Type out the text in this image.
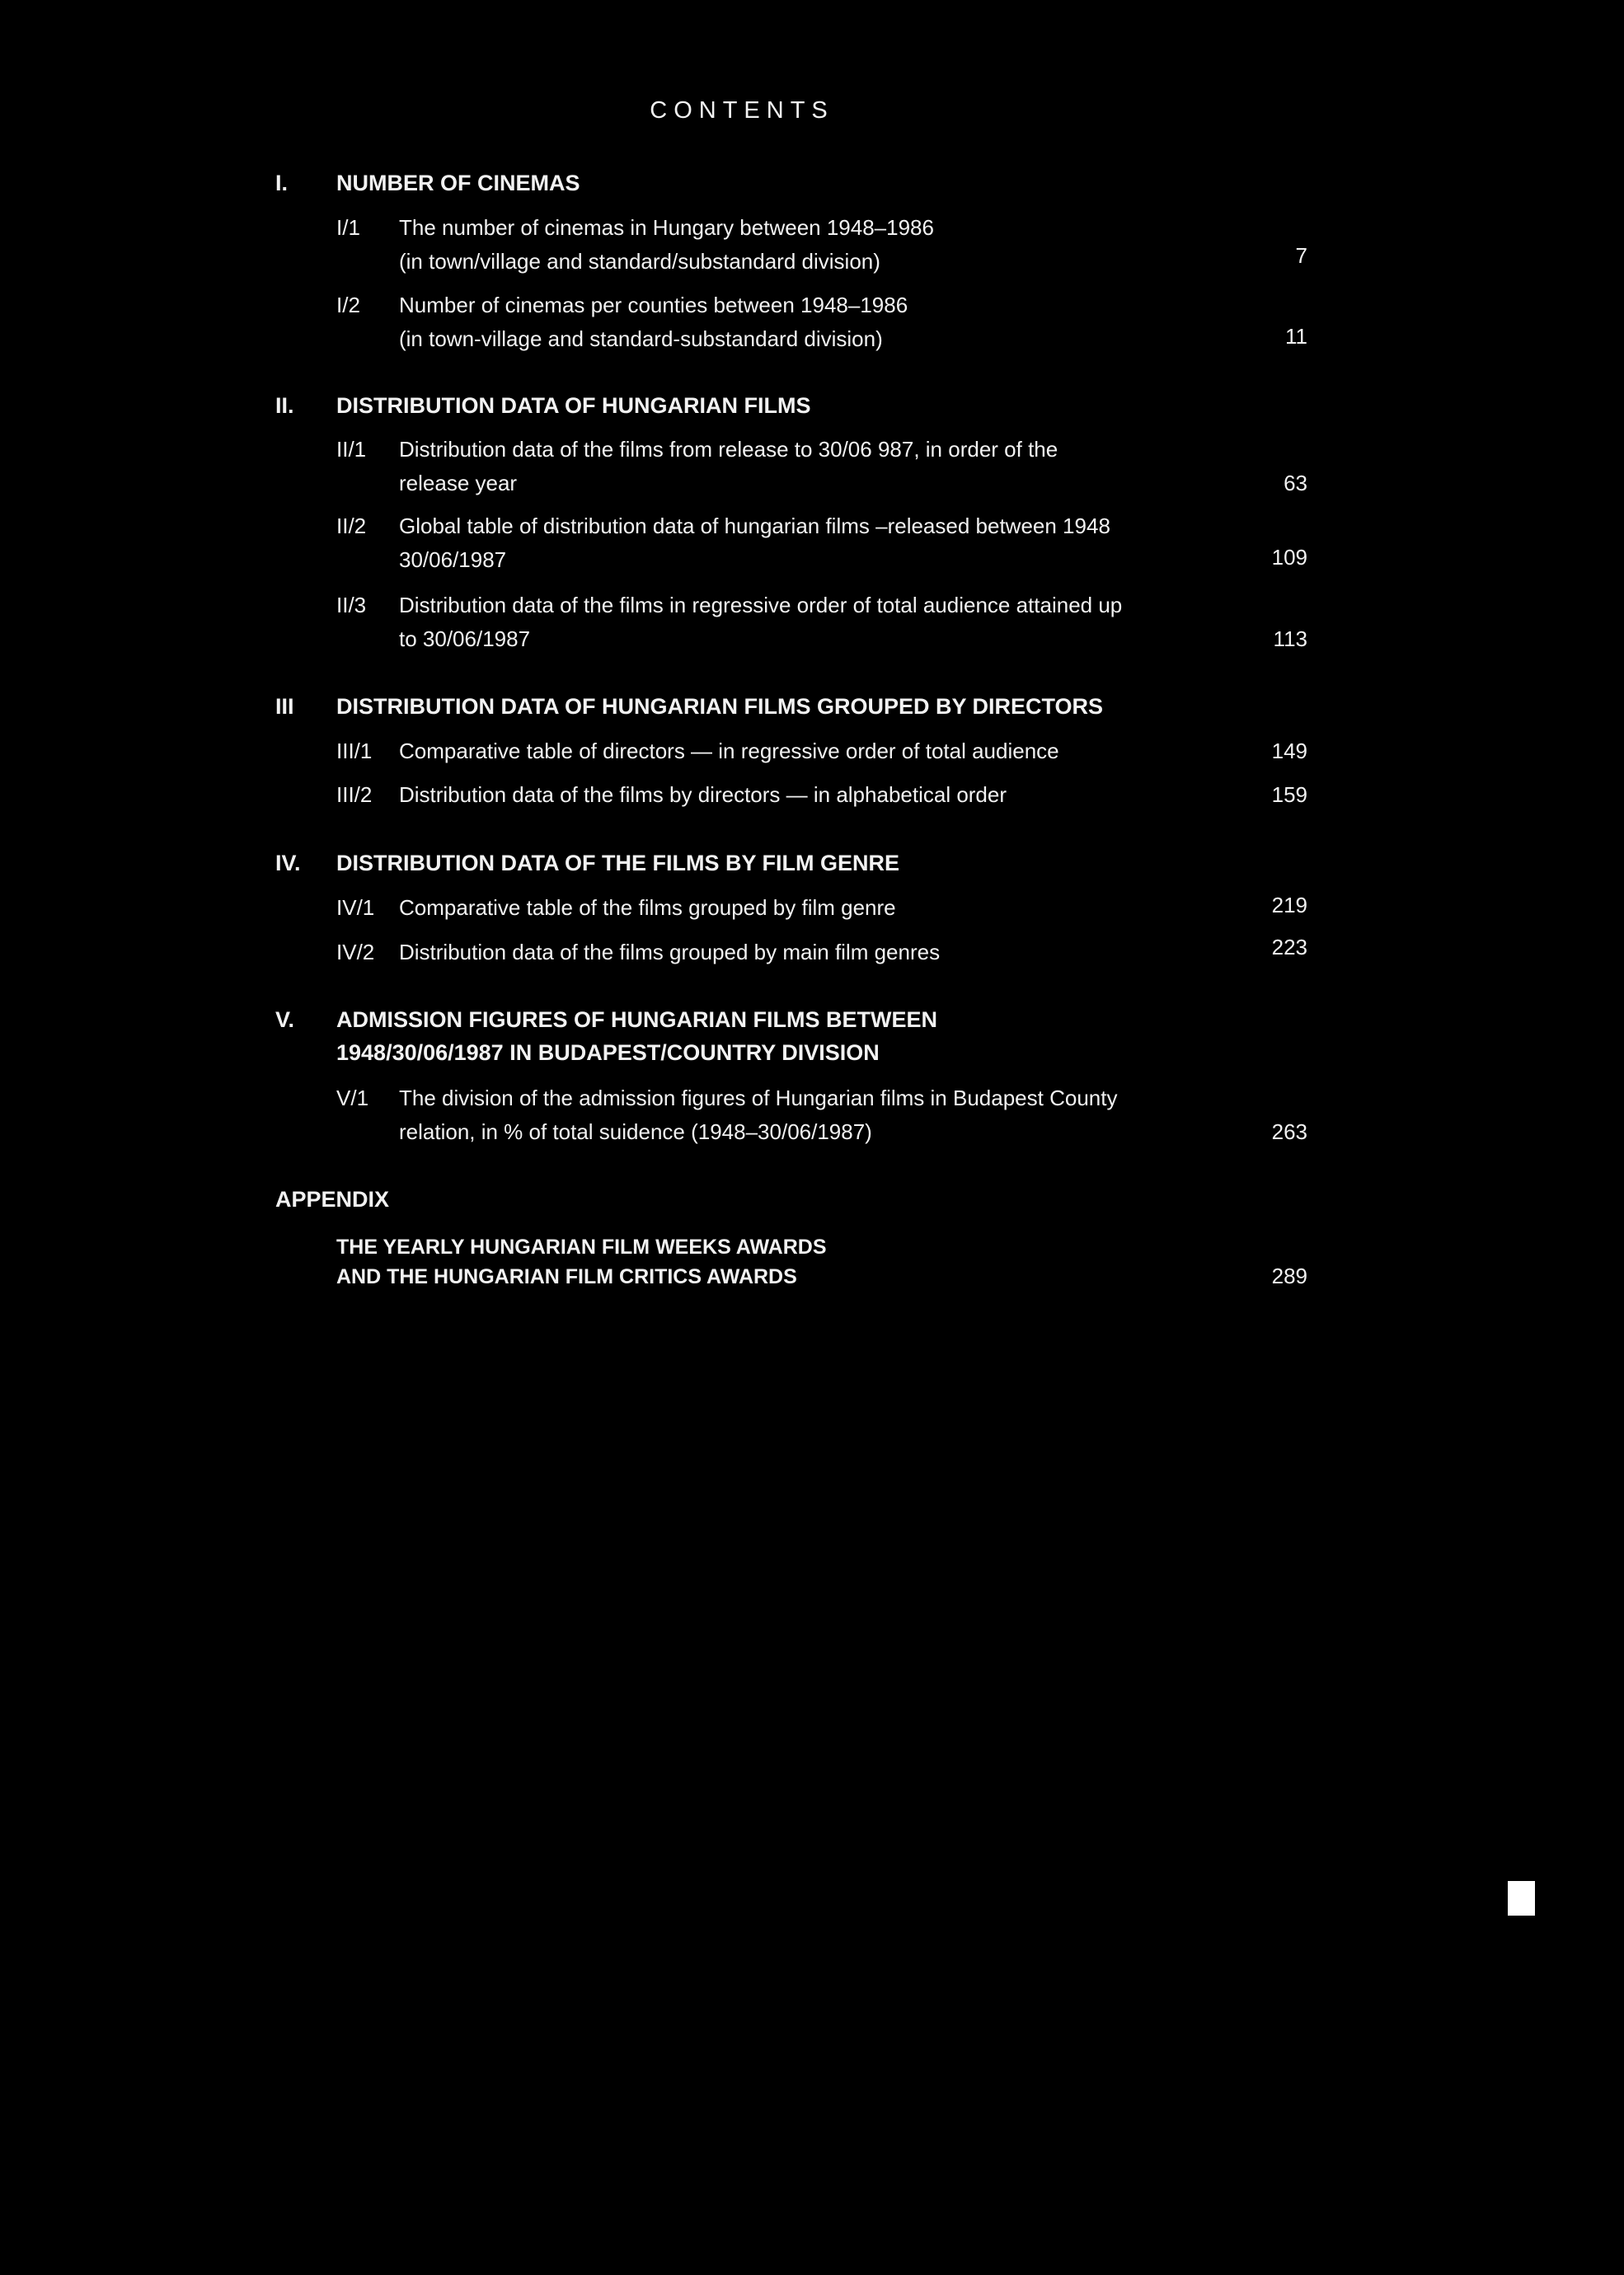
CONTENTS
I. NUMBER OF CINEMAS
I/1 The number of cinemas in Hungary between 1948–1986
(in town/village and standard/substandard division)	7
I/2 Number of cinemas per counties between 1948–1986
(in town-village and standard-substandard division)	11
II. DISTRIBUTION DATA OF HUNGARIAN FILMS
II/1 Distribution data of the films from release to 30/06 987, in order of the
release year	63
II/2 Global table of distribution data of hungarian films –released between 1948
30/06/1987	109
II/3 Distribution data of the films in regressive order of total audience attained up
to 30/06/1987	113
III DISTRIBUTION DATA OF HUNGARIAN FILMS GROUPED BY DIRECTORS
III/1 Comparative table of directors — in regressive order of total audience	149
III/2 Distribution data of the films by directors — in alphabetical order	159
IV. DISTRIBUTION DATA OF THE FILMS BY FILM GENRE
IV/1 Comparative table of the films grouped by film genre	219
IV/2 Distribution data of the films grouped by main film genres	223
V. ADMISSION FIGURES OF HUNGARIAN FILMS BETWEEN
1948/30/06/1987 IN BUDAPEST/COUNTRY DIVISION
V/1 The division of the admission figures of Hungarian films in Budapest County
relation, in % of total suidence (1948–30/06/1987)	263
APPENDIX
THE YEARLY HUNGARIAN FILM WEEKS AWARDS
AND THE HUNGARIAN FILM CRITICS AWARDS	289
